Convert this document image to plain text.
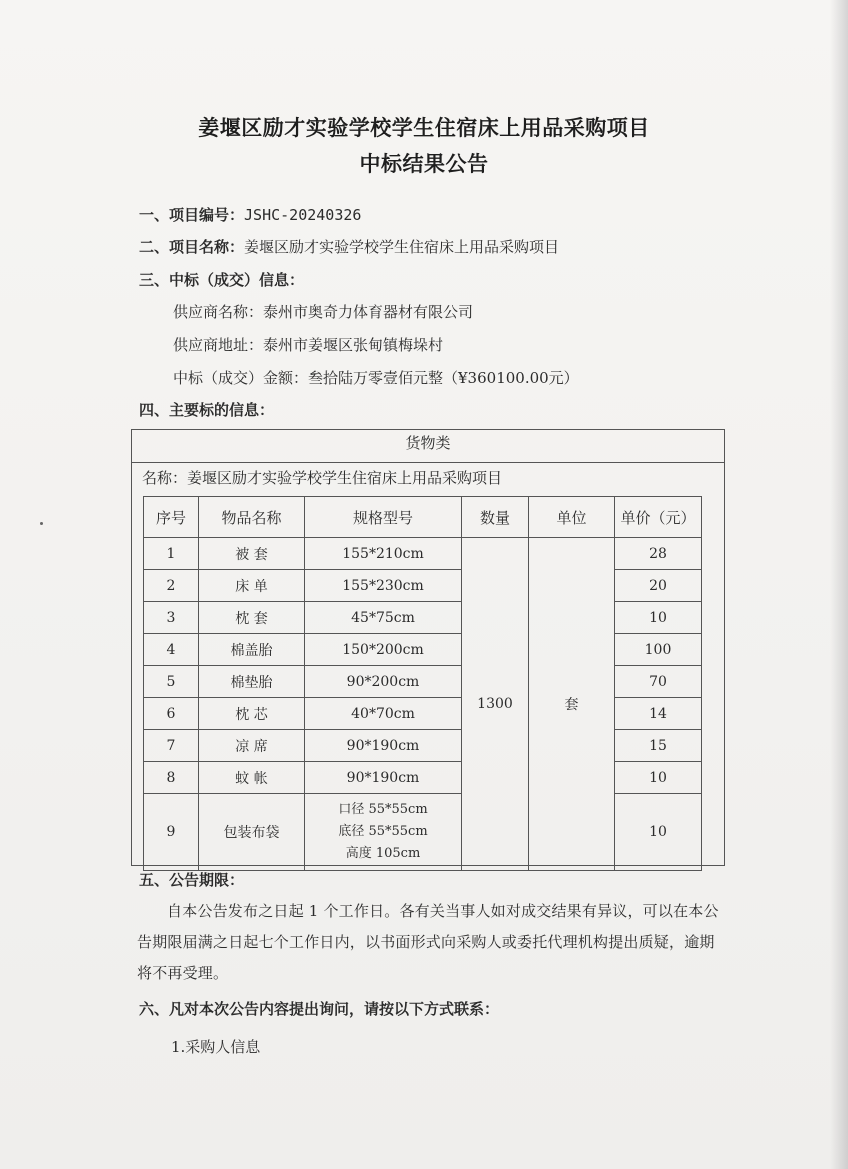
姜堰区励才实验学校学生住宿床上用品采购项目
中标结果公告
一、项目编号：JSHC-20240326
二、项目名称：姜堰区励才实验学校学生住宿床上用品采购项目
三、中标（成交）信息：
供应商名称：泰州市奥奇力体育器材有限公司
供应商地址：泰州市姜堰区张甸镇梅垛村
中标（成交）金额：叁拾陆万零壹佰元整（¥360100.00元）
四、主要标的信息：
货物类
名称：姜堰区励才实验学校学生住宿床上用品采购项目
序号	物品名称	规格型号	数量	单位	单价（元）
1	被 套	155*210cm	1300	套	28
2	床 单	155*230cm			20
3	枕 套	45*75cm			10
4	棉盖胎	150*200cm			100
5	棉垫胎	90*200cm			70
6	枕 芯	40*70cm			14
7	凉 席	90*190cm			15
8	蚊 帐	90*190cm			10
9	包装布袋	口径 55*55cm
底径 55*55cm
高度 105cm			10
五、公告期限：
自本公告发布之日起 1 个工作日。各有关当事人如对成交结果有异议，可以在本公告期限届满之日起七个工作日内，以书面形式向采购人或委托代理机构提出质疑，逾期将不再受理。
六、凡对本次公告内容提出询问，请按以下方式联系：
1.采购人信息
